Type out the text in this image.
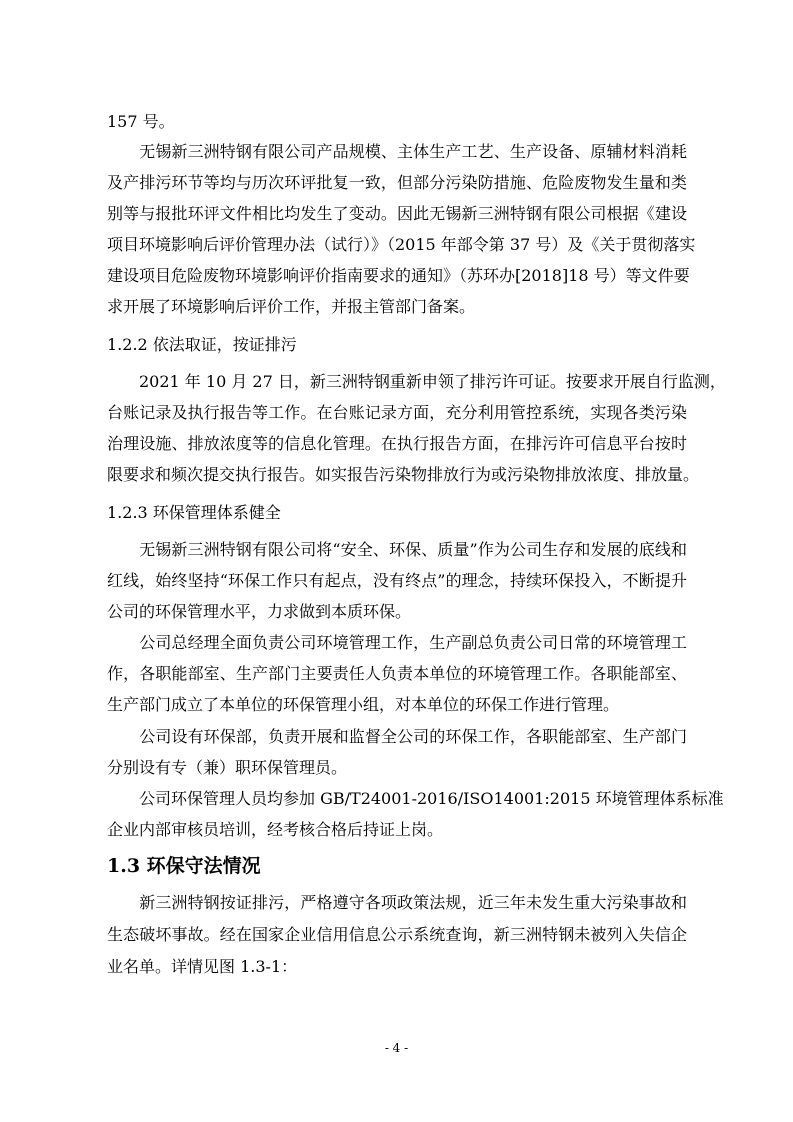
157 号。
　　无锡新三洲特钢有限公司产品规模、主体生产工艺、生产设备、原辅材料消耗
及产排污环节等均与历次环评批复一致，但部分污染防措施、危险废物发生量和类
别等与报批环评文件相比均发生了变动。因此无锡新三洲特钢有限公司根据《建设
项目环境影响后评价管理办法（试行）》（2015 年部令第 37 号）及《关于贯彻落实
建设项目危险废物环境影响评价指南要求的通知》（苏环办[2018]18 号）等文件要
求开展了环境影响后评价工作，并报主管部门备案。
1.2.2 依法取证，按证排污
　　2021 年 10 月 27 日，新三洲特钢重新申领了排污许可证。按要求开展自行监测，
台账记录及执行报告等工作。在台账记录方面，充分利用管控系统，实现各类污染
治理设施、排放浓度等的信息化管理。在执行报告方面，在排污许可信息平台按时
限要求和频次提交执行报告。如实报告污染物排放行为或污染物排放浓度、排放量。
1.2.3 环保管理体系健全
　　无锡新三洲特钢有限公司将“安全、环保、质量”作为公司生存和发展的底线和
红线，始终坚持“环保工作只有起点，没有终点”的理念，持续环保投入，不断提升
公司的环保管理水平，力求做到本质环保。
　　公司总经理全面负责公司环境管理工作，生产副总负责公司日常的环境管理工
作，各职能部室、生产部门主要责任人负责本单位的环境管理工作。各职能部室、
生产部门成立了本单位的环保管理小组，对本单位的环保工作进行管理。
　　公司设有环保部，负责开展和监督全公司的环保工作，各职能部室、生产部门
分别设有专（兼）职环保管理员。
　　公司环保管理人员均参加 GB/T24001-2016/ISO14001:2015 环境管理体系标准
企业内部审核员培训，经考核合格后持证上岗。
1.3 环保守法情况
　　新三洲特钢按证排污，严格遵守各项政策法规，近三年未发生重大污染事故和
生态破坏事故。经在国家企业信用信息公示系统查询，新三洲特钢未被列入失信企
业名单。详情见图 1.3-1：
- 4 -
